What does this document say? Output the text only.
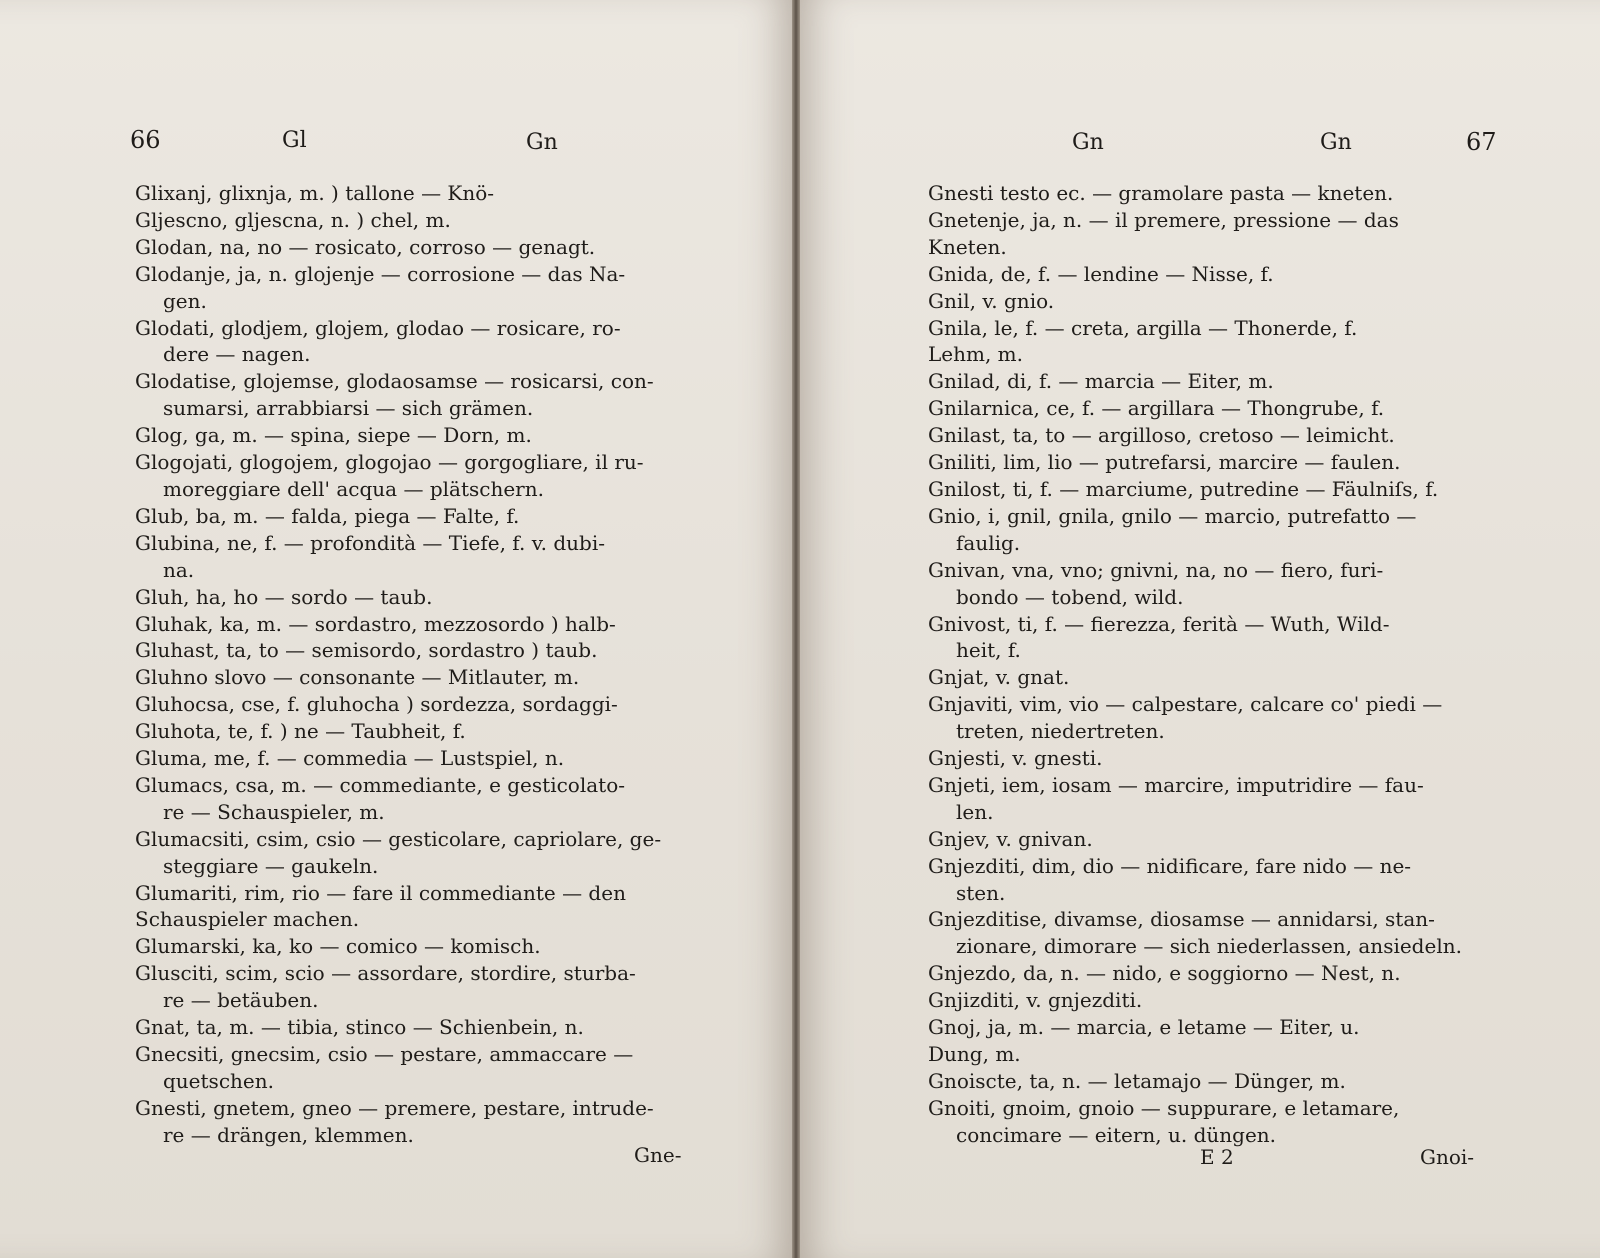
66	Gl	Gn
Glixanj, glixnja, m. ) tallone — Knö-
Gljescno, gljescna, n. ) chel, m.
Glodan, na, no — rosicato, corroso — genagt.
Glodanje, ja, n. glojenje — corrosione — das Na-
gen.
Glodati, glodjem, glojem, glodao — rosicare, ro-
dere — nagen.
Glodatise, glojemse, glodaosamse — rosicarsi, con-
sumarsi, arrabbiarsi — sich grämen.
Glog, ga, m. — spina, siepe — Dorn, m.
Glogojati, glogojem, glogojao — gorgogliare, il ru-
moreggiare dell' acqua — plätschern.
Glub, ba, m. — falda, piega — Falte, f.
Glubina, ne, f. — profondità — Tiefe, f. v. dubi-
na.
Gluh, ha, ho — sordo — taub.
Gluhak, ka, m. — sordastro, mezzosordo ) halb-
Gluhast, ta, to — semisordo, sordastro ) taub.
Gluhno slovo — consonante — Mitlauter, m.
Gluhocsa, cse, f. gluhocha ) sordezza, sordaggi-
Gluhota, te, f. ) ne — Taubheit, f.
Gluma, me, f. — commedia — Lustspiel, n.
Glumacs, csa, m. — commediante, e gesticolato-
re — Schauspieler, m.
Glumacsiti, csim, csio — gesticolare, capriolare, ge-
steggiare — gaukeln.
Glumariti, rim, rio — fare il commediante — den
Schauspieler machen.
Glumarski, ka, ko — comico — komisch.
Glusciti, scim, scio — assordare, stordire, sturba-
re — betäuben.
Gnat, ta, m. — tibia, stinco — Schienbein, n.
Gnecsiti, gnecsim, csio — pestare, ammaccare —
quetschen.
Gnesti, gnetem, gneo — premere, pestare, intrude-
re — drängen, klemmen.
Gne-
Gn	Gn	67
Gnesti testo ec. — gramolare pasta — kneten.
Gnetenje, ja, n. — il premere, pressione — das
Kneten.
Gnida, de, f. — lendine — Nisse, f.
Gnil, v. gnio.
Gnila, le, f. — creta, argilla — Thonerde, f.
Lehm, m.
Gnilad, di, f. — marcia — Eiter, m.
Gnilarnica, ce, f. — argillara — Thongrube, f.
Gnilast, ta, to — argilloso, cretoso — leimicht.
Gniliti, lim, lio — putrefarsi, marcire — faulen.
Gnilost, ti, f. — marciume, putredine — Fäulniſs, f.
Gnio, i, gnil, gnila, gnilo — marcio, putrefatto —
faulig.
Gnivan, vna, vno; gnivni, na, no — fiero, furi-
bondo — tobend, wild.
Gnivost, ti, f. — fierezza, ferità — Wuth, Wild-
heit, f.
Gnjat, v. gnat.
Gnjaviti, vim, vio — calpestare, calcare co' piedi —
treten, niedertreten.
Gnjesti, v. gnesti.
Gnjeti, iem, iosam — marcire, imputridire — fau-
len.
Gnjev, v. gnivan.
Gnjezditi, dim, dio — nidificare, fare nido — ne-
sten.
Gnjezditise, divamse, diosamse — annidarsi, stan-
zionare, dimorare — sich niederlassen, ansiedeln.
Gnjezdo, da, n. — nido, e soggiorno — Nest, n.
Gnjizditi, v. gnjezditi.
Gnoj, ja, m. — marcia, e letame — Eiter, u.
Dung, m.
Gnoiscte, ta, n. — letamajo — Dünger, m.
Gnoiti, gnoim, gnoio — suppurare, e letamare,
concimare — eitern, u. düngen.
E 2	Gnoi-
